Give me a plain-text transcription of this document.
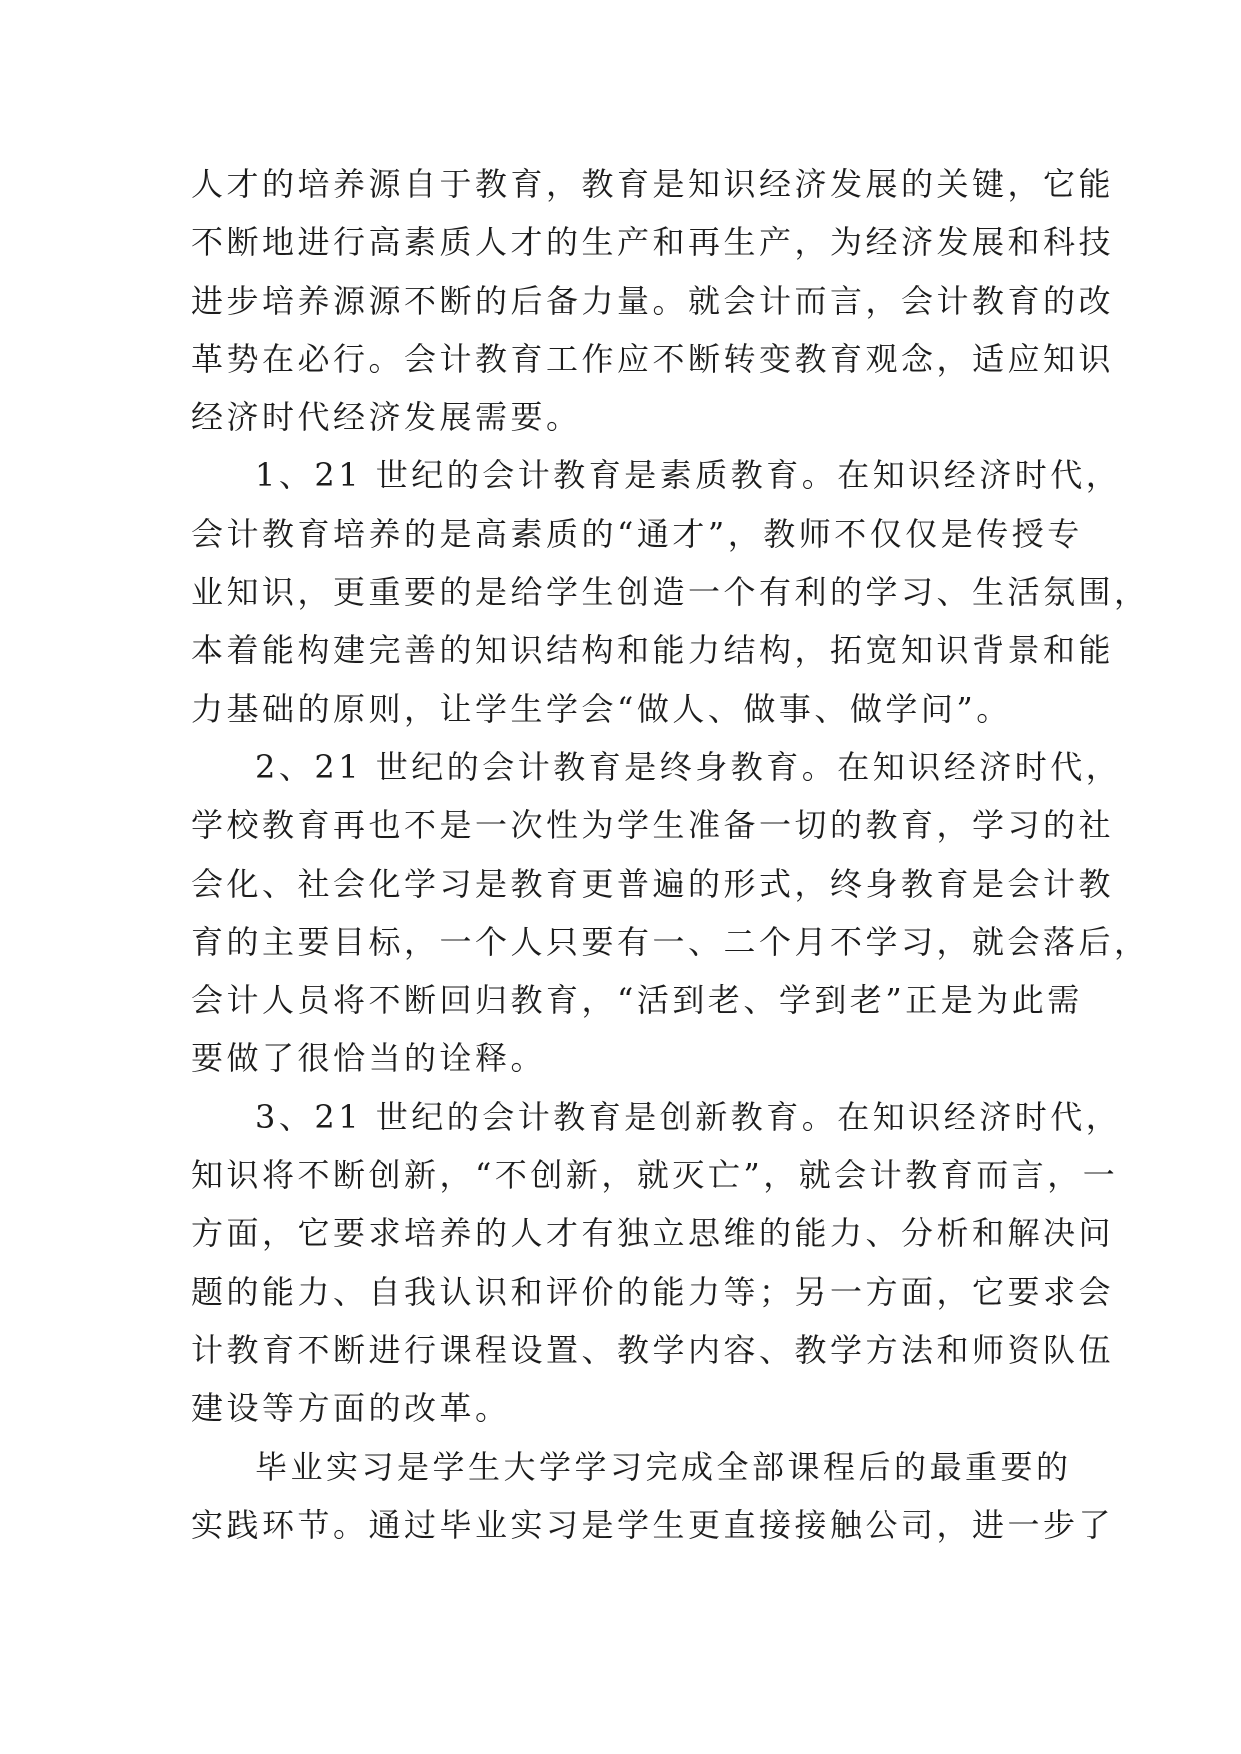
人才的培养源自于教育，教育是知识经济发展的关键，它能
不断地进行高素质人才的生产和再生产，为经济发展和科技
进步培养源源不断的后备力量。就会计而言，会计教育的改
革势在必行。会计教育工作应不断转变教育观念，适应知识
经济时代经济发展需要。
1、21 世纪的会计教育是素质教育。在知识经济时代，
会计教育培养的是高素质的“通才”，教师不仅仅是传授专
业知识，更重要的是给学生创造一个有利的学习、生活氛围，
本着能构建完善的知识结构和能力结构，拓宽知识背景和能
力基础的原则，让学生学会“做人、做事、做学问”。
2、21 世纪的会计教育是终身教育。在知识经济时代，
学校教育再也不是一次性为学生准备一切的教育，学习的社
会化、社会化学习是教育更普遍的形式，终身教育是会计教
育的主要目标，一个人只要有一、二个月不学习，就会落后，
会计人员将不断回归教育，“活到老、学到老”正是为此需
要做了很恰当的诠释。
3、21 世纪的会计教育是创新教育。在知识经济时代，
知识将不断创新，“不创新，就灭亡”，就会计教育而言，一
方面，它要求培养的人才有独立思维的能力、分析和解决问
题的能力、自我认识和评价的能力等；另一方面，它要求会
计教育不断进行课程设置、教学内容、教学方法和师资队伍
建设等方面的改革。
毕业实习是学生大学学习完成全部课程后的最重要的
实践环节。通过毕业实习是学生更直接接触公司，进一步了
